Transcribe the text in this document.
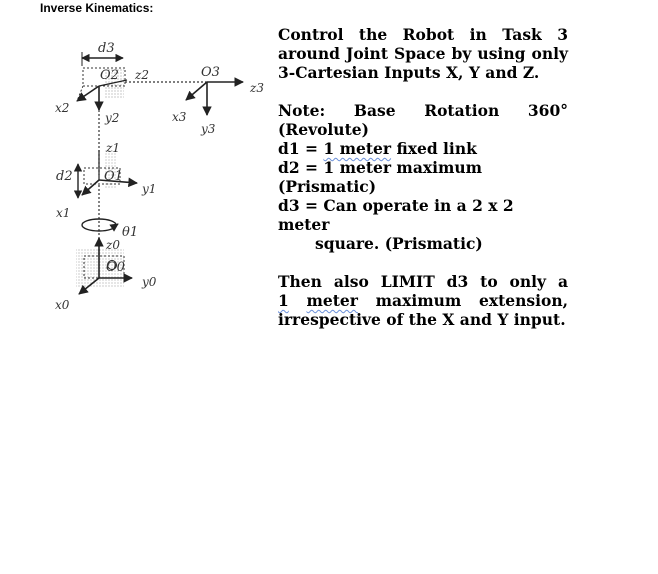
Inverse Kinematics:
d3
O2 z2	O3
z3
x2
y2	x3
y3
z1
d2 O1
y1
x1
θ1
z0
O0
y0
x0
Control the Robot in Task 3
around Joint Space by using only
3-Cartesian Inputs X, Y and Z.
Note: Base Rotation 360°
(Revolute)
d1 = 1 meter fixed link
d2 = 1 meter maximum (Prismatic)
d3 = Can operate in a 2 x 2 meter
square. (Prismatic)
Then also LIMIT d3 to only a
1 meter maximum extension,
irrespective of the X and Y input.
